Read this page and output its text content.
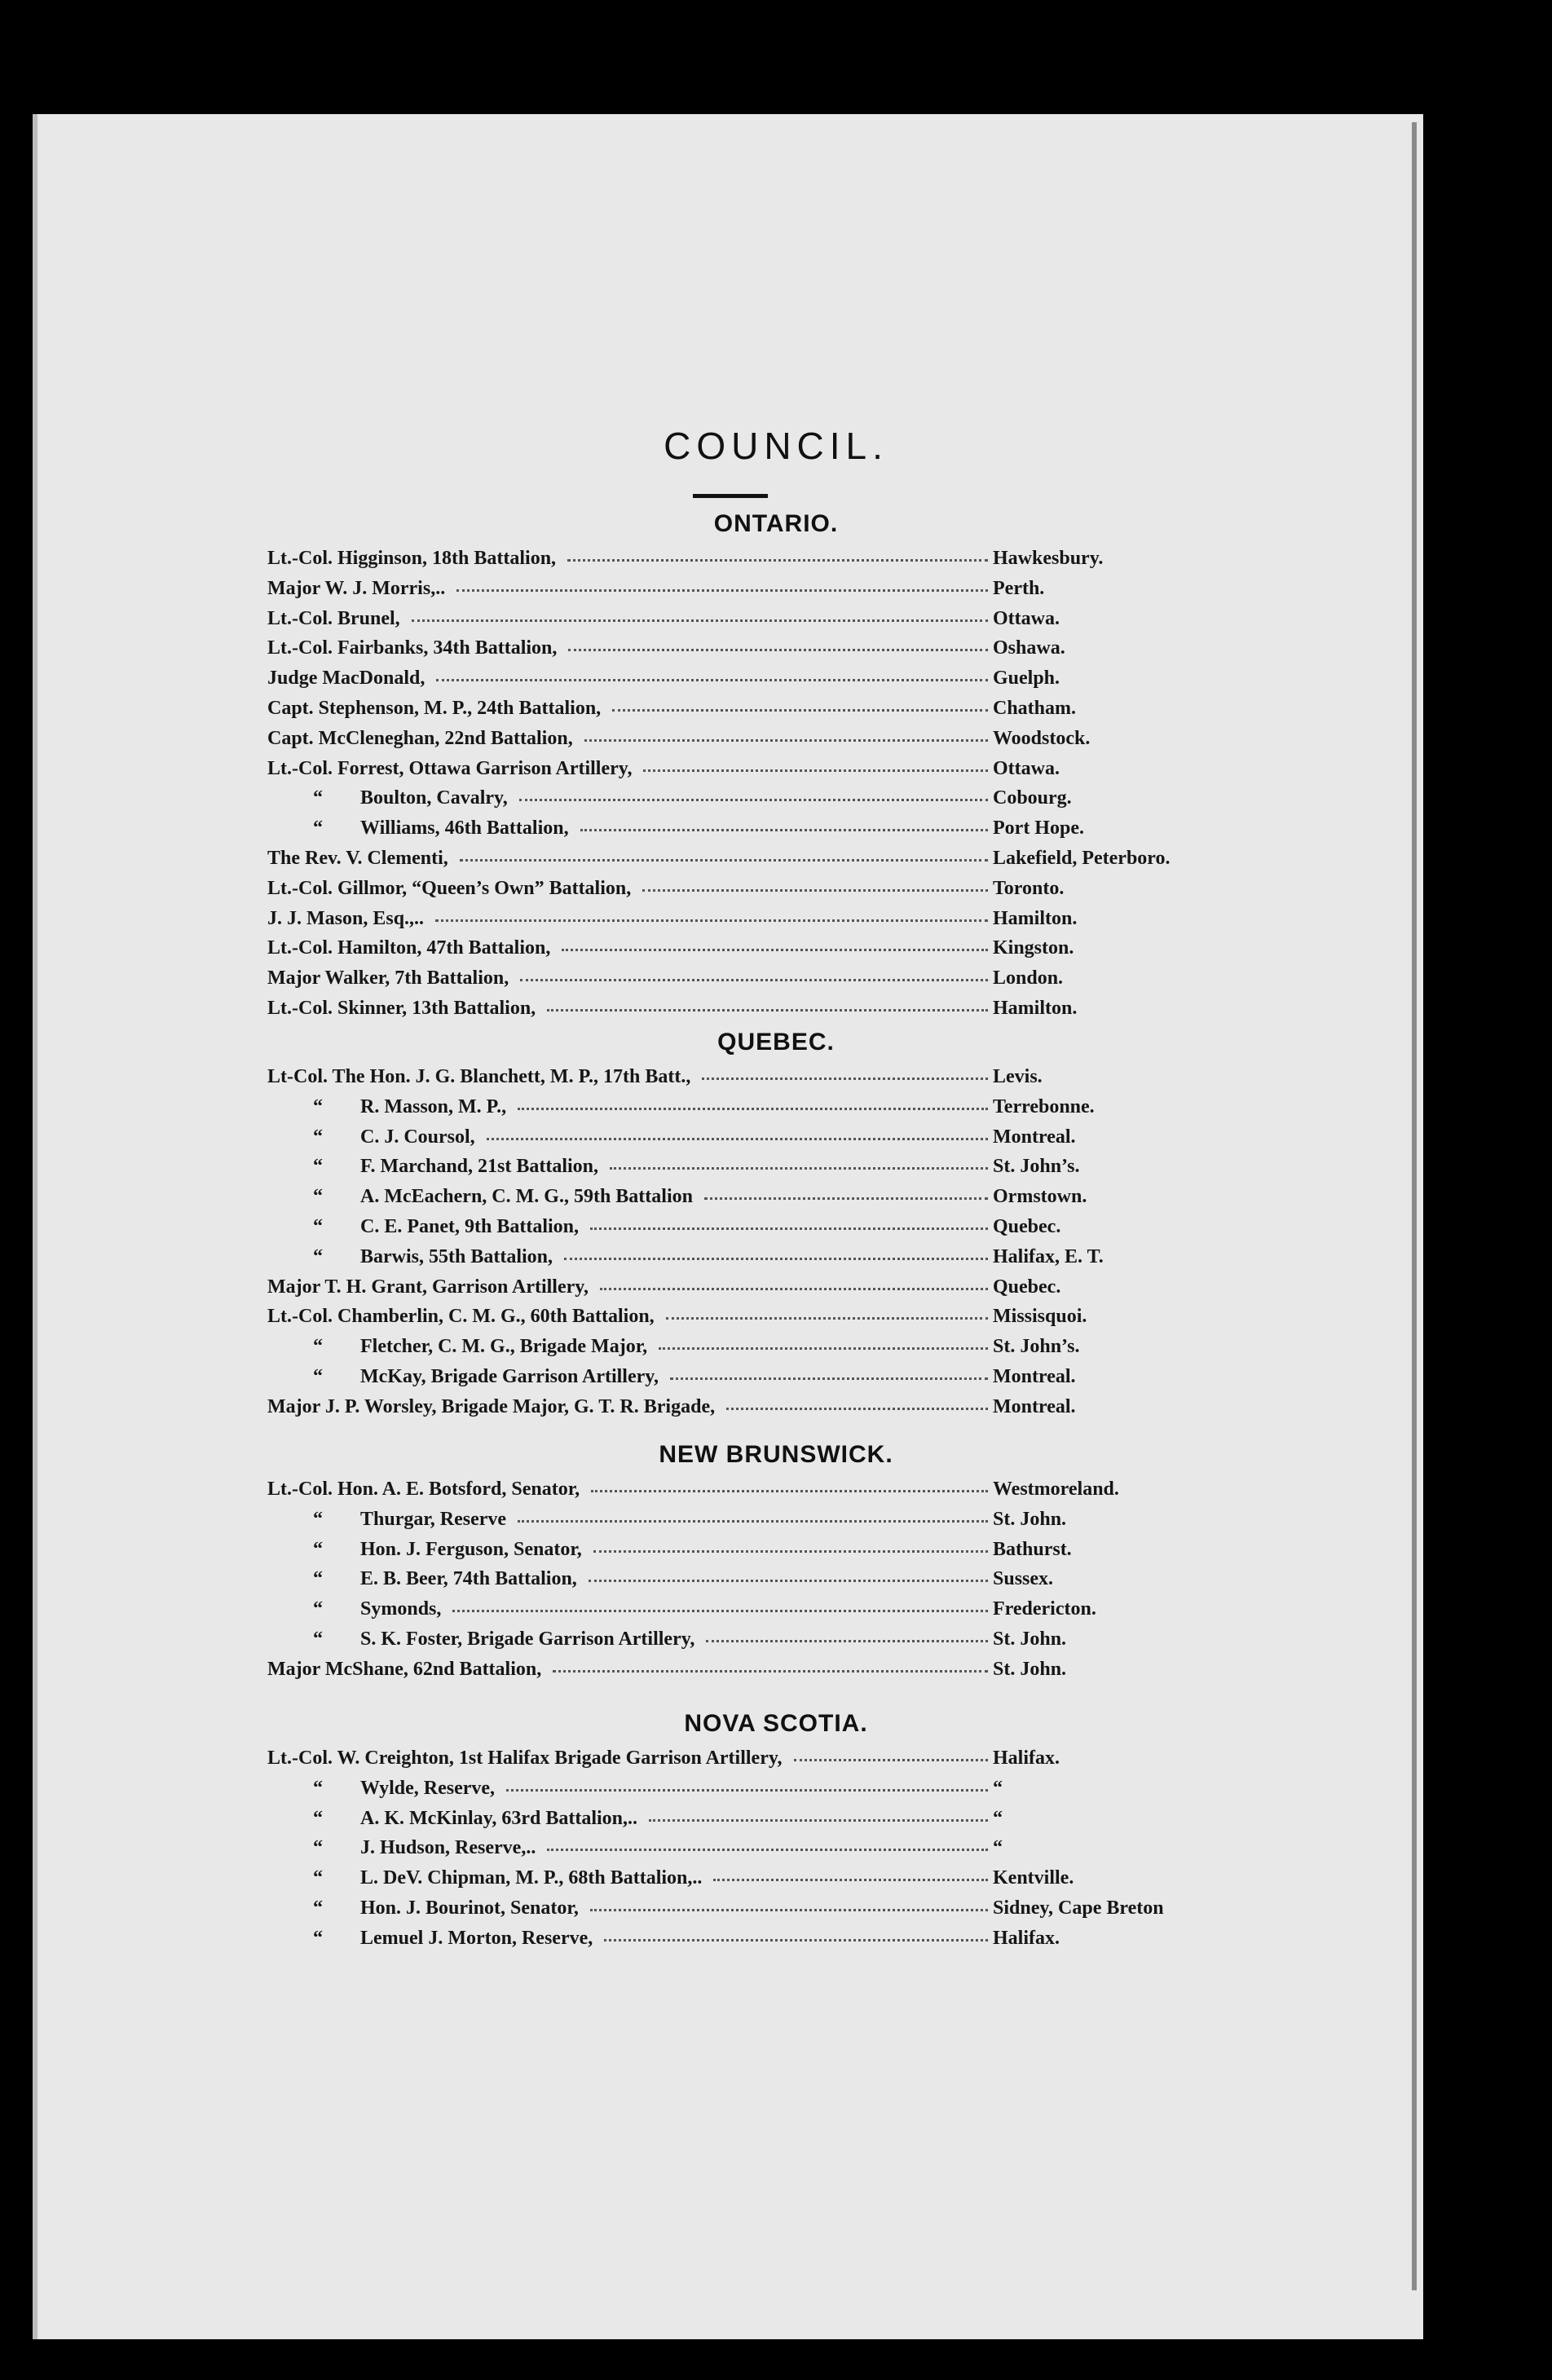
COUNCIL.
ONTARIO.
Lt.-Col. Higginson, 18th Battalion,	Hawkesbury.
Major W. J. Morris,..	Perth.
Lt.-Col. Brunel,	Ottawa.
Lt.-Col. Fairbanks, 34th Battalion,	Oshawa.
Judge MacDonald,	Guelph.
Capt. Stephenson, M. P., 24th Battalion,	Chatham.
Capt. McCleneghan, 22nd Battalion,	Woodstock.
Lt.-Col. Forrest, Ottawa Garrison Artillery,	Ottawa.
“ Boulton, Cavalry,	Cobourg.
“ Williams, 46th Battalion,	Port Hope.
The Rev. V. Clementi,	Lakefield, Peterboro.
Lt.-Col. Gillmor, “Queen’s Own” Battalion,	Toronto.
J. J. Mason, Esq.,..	Hamilton.
Lt.-Col. Hamilton, 47th Battalion,	Kingston.
Major Walker, 7th Battalion,	London.
Lt.-Col. Skinner, 13th Battalion,	Hamilton.
QUEBEC.
Lt-Col. The Hon. J. G. Blanchett, M. P., 17th Batt.,	Levis.
“ R. Masson, M. P.,	Terrebonne.
“ C. J. Coursol,	Montreal.
“ F. Marchand, 21st Battalion,	St. John’s.
“ A. McEachern, C. M. G., 59th Battalion	Ormstown.
“ C. E. Panet, 9th Battalion,	Quebec.
“ Barwis, 55th Battalion,	Halifax, E. T.
Major T. H. Grant, Garrison Artillery,	Quebec.
Lt.-Col. Chamberlin, C. M. G., 60th Battalion,	Missisquoi.
“ Fletcher, C. M. G., Brigade Major,	St. John’s.
“ McKay, Brigade Garrison Artillery,	Montreal.
Major J. P. Worsley, Brigade Major, G. T. R. Brigade,	Montreal.
NEW BRUNSWICK.
Lt.-Col. Hon. A. E. Botsford, Senator,	Westmoreland.
“ Thurgar, Reserve	St. John.
“ Hon. J. Ferguson, Senator,	Bathurst.
“ E. B. Beer, 74th Battalion,	Sussex.
“ Symonds,	Fredericton.
“ S. K. Foster, Brigade Garrison Artillery,	St. John.
Major McShane, 62nd Battalion,	St. John.
NOVA SCOTIA.
Lt.-Col. W. Creighton, 1st Halifax Brigade Garrison Artillery,	Halifax.
“ Wylde, Reserve,	“
“ A. K. McKinlay, 63rd Battalion,..	“
“ J. Hudson, Reserve,..	“
“ L. DeV. Chipman, M. P., 68th Battalion,..	Kentville.
“ Hon. J. Bourinot, Senator,	Sidney, Cape Breton
“ Lemuel J. Morton, Reserve,	Halifax.
